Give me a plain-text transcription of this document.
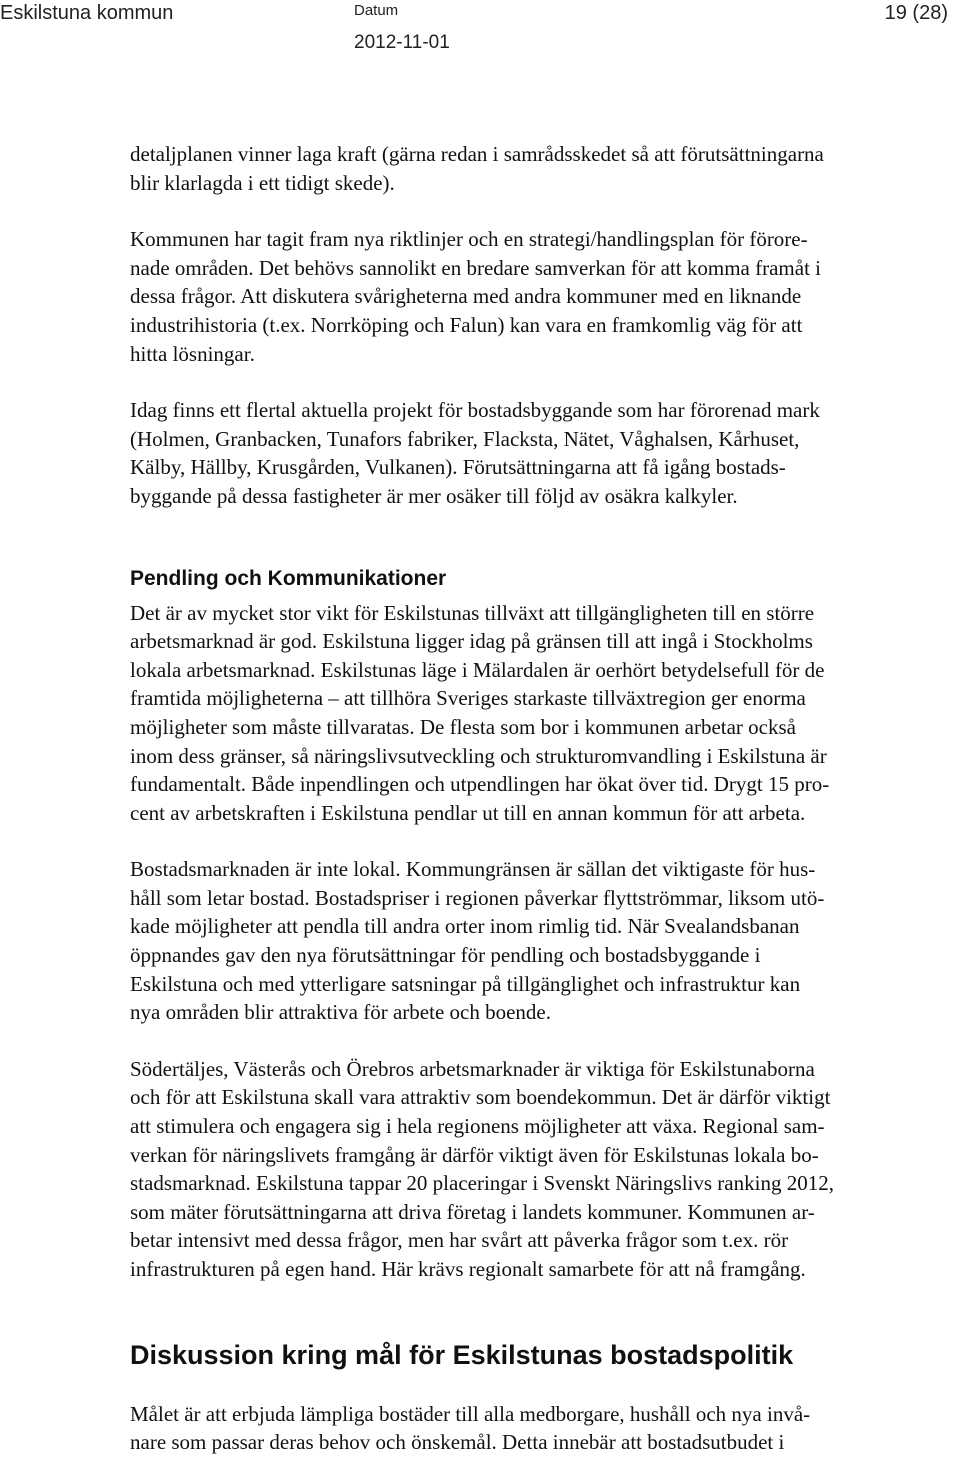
Eskilstuna kommun	Datum
2012-11-01
19 (28)

detaljplanen vinner laga kraft (gärna redan i samrådsskedet så att förutsättningarna
blir klarlagda i ett tidigt skede).

Kommunen har tagit fram nya riktlinjer och en strategi/handlingsplan för förore-
nade områden. Det behövs sannolikt en bredare samverkan för att komma framåt i
dessa frågor. Att diskutera svårigheterna med andra kommuner med en liknande
industrihistoria (t.ex. Norrköping och Falun) kan vara en framkomlig väg för att
hitta lösningar.

Idag finns ett flertal aktuella projekt för bostadsbyggande som har förorenad mark
(Holmen, Granbacken, Tunafors fabriker, Flacksta, Nätet, Våghalsen, Kårhuset,
Kälby, Hällby, Krusgården, Vulkanen). Förutsättningarna att få igång bostads-
byggande på dessa fastigheter är mer osäker till följd av osäkra kalkyler.

Pendling och Kommunikationer

Det är av mycket stor vikt för Eskilstunas tillväxt att tillgängligheten till en större
arbetsmarknad är god. Eskilstuna ligger idag på gränsen till att ingå i Stockholms
lokala arbetsmarknad. Eskilstunas läge i Mälardalen är oerhört betydelsefull för de
framtida möjligheterna – att tillhöra Sveriges starkaste tillväxtregion ger enorma
möjligheter som måste tillvaratas. De flesta som bor i kommunen arbetar också
inom dess gränser, så näringslivsutveckling och strukturomvandling i Eskilstuna är
fundamentalt. Både inpendlingen och utpendlingen har ökat över tid. Drygt 15 pro-
cent av arbetskraften i Eskilstuna pendlar ut till en annan kommun för att arbeta.

Bostadsmarknaden är inte lokal. Kommungränsen är sällan det viktigaste för hus-
håll som letar bostad. Bostadspriser i regionen påverkar flyttströmmar, liksom utö-
kade möjligheter att pendla till andra orter inom rimlig tid. När Svealandsbanan
öppnandes gav den nya förutsättningar för pendling och bostadsbyggande i
Eskilstuna och med ytterligare satsningar på tillgänglighet och infrastruktur kan
nya områden blir attraktiva för arbete och boende.

Södertäljes, Västerås och Örebros arbetsmarknader är viktiga för Eskilstunaborna
och för att Eskilstuna skall vara attraktiv som boendekommun. Det är därför viktigt
att stimulera och engagera sig i hela regionens möjligheter att växa. Regional sam-
verkan för näringslivets framgång är därför viktigt även för Eskilstunas lokala bo-
stadsmarknad. Eskilstuna tappar 20 placeringar i Svenskt Näringslivs ranking 2012,
som mäter förutsättningarna att driva företag i landets kommuner. Kommunen ar-
betar intensivt med dessa frågor, men har svårt att påverka frågor som t.ex. rör
infrastrukturen på egen hand. Här krävs regionalt samarbete för att nå framgång.

Diskussion kring mål för Eskilstunas bostadspolitik

Målet är att erbjuda lämpliga bostäder till alla medborgare, hushåll och nya invå-
nare som passar deras behov och önskemål. Detta innebär att bostadsutbudet i
